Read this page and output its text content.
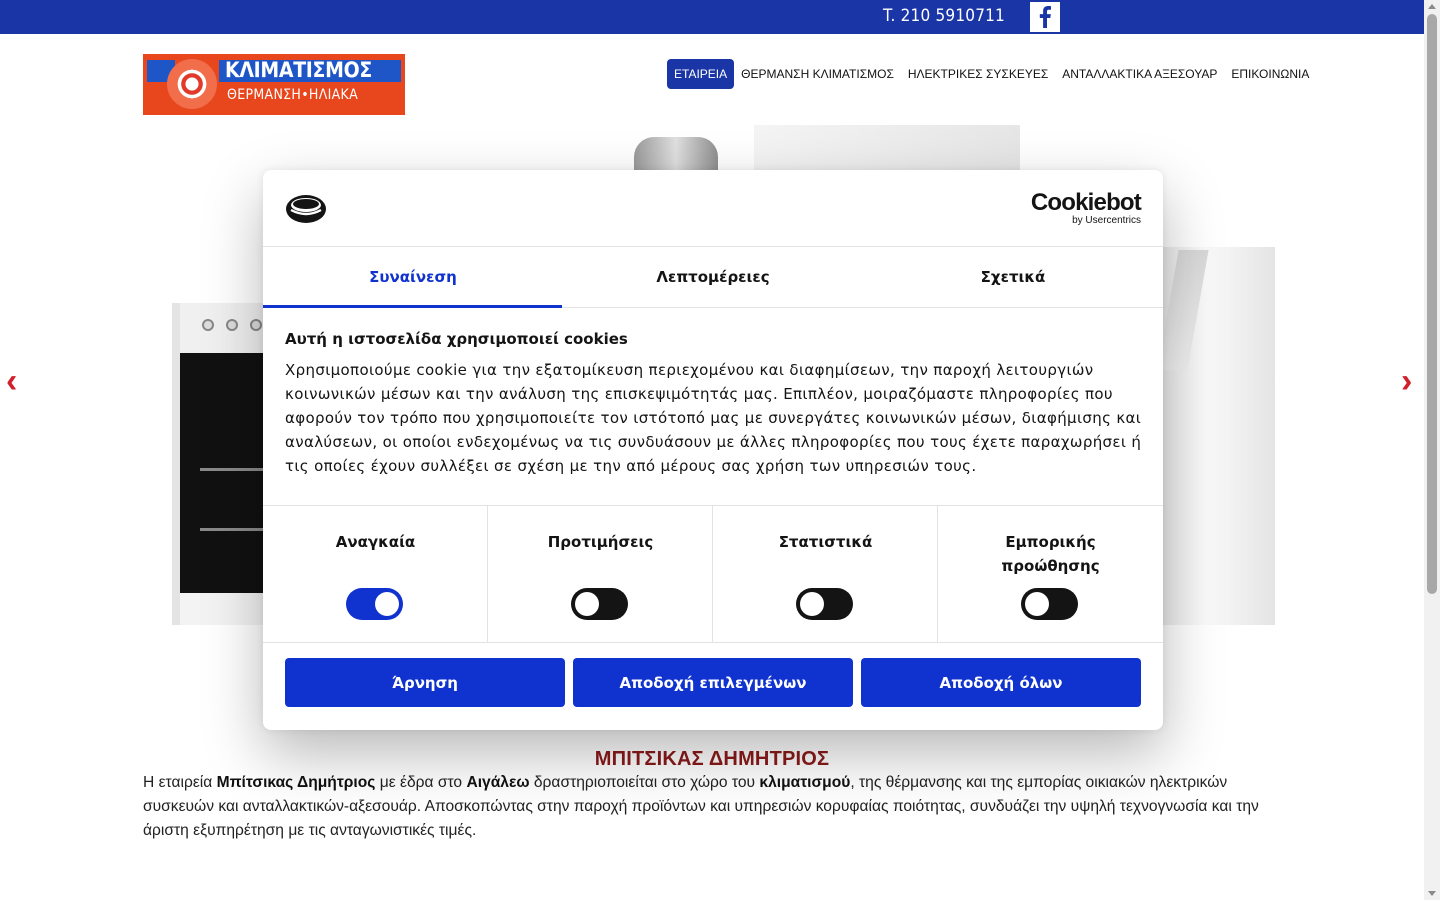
T. 210 5910711
ΚΛΙΜΑΤΙΣΜΟΣ
ΘΕΡΜΑΝΣΗ•ΗΛΙΑΚΑ
ΕΤΑΙΡΕΙΑ	ΘΕΡΜΑΝΣΗ ΚΛΙΜΑΤΙΣΜΟΣ	ΗΛΕΚΤΡΙΚΕΣ ΣΥΣΚΕΥΕΣ	ΑΝΤΑΛΛΑΚΤΙΚΑ ΑΞΕΣΟΥΑΡ	ΕΠΙΚΟΙΝΩΝΙΑ
‹	›
ΜΠΙΤΣΙΚΑΣ ΔΗΜΗΤΡΙΟΣ

Η εταιρεία Μπίτσικας Δημήτριος με έδρα στο Αιγάλεω δραστηριοποιείται στο χώρο του κλιματισμού, της θέρμανσης και της εμπορίας οικιακών ηλεκτρικών συσκευών και ανταλλακτικών-αξεσουάρ. Αποσκοπώντας στην παροχή προϊόντων και υπηρεσιών κορυφαίας ποιότητας, συνδυάζει την υψηλή τεχνογνωσία και την άριστη εξυπηρέτηση με τις ανταγωνιστικές τιμές.

Cookiebot
by Usercentrics
Συναίνεση	Λεπτομέρειες	Σχετικά
Αυτή η ιστοσελίδα χρησιμοποιεί cookies
Χρησιμοποιούμε cookie για την εξατομίκευση περιεχομένου και διαφημίσεων, την παροχή λειτουργιών κοινωνικών μέσων και την ανάλυση της επισκεψιμότητάς μας. Επιπλέον, μοιραζόμαστε πληροφορίες που αφορούν τον τρόπο που χρησιμοποιείτε τον ιστότοπό μας με συνεργάτες κοινωνικών μέσων, διαφήμισης και αναλύσεων, οι οποίοι ενδεχομένως να τις συνδυάσουν με άλλες πληροφορίες που τους έχετε παραχωρήσει ή τις οποίες έχουν συλλέξει σε σχέση με την από μέρους σας χρήση των υπηρεσιών τους.
Αναγκαία	Προτιμήσεις	Στατιστικά	Εμπορικής προώθησης
Άρνηση	Αποδοχή επιλεγμένων	Αποδοχή όλων
